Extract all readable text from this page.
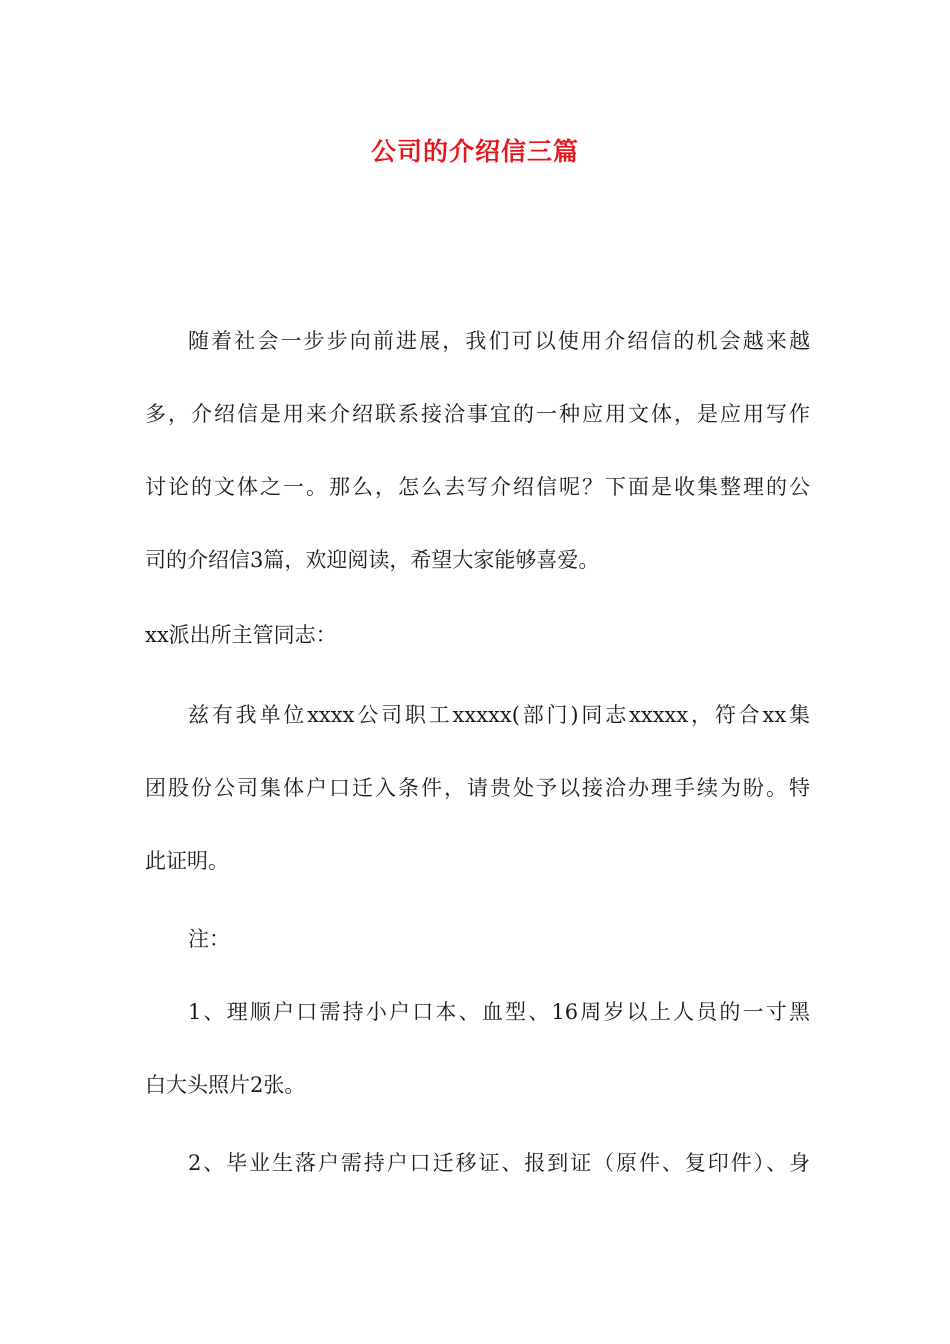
公司的介绍信三篇
随着社会一步步向前进展，我们可以使用介绍信的机会越来越
多，介绍信是用来介绍联系接洽事宜的一种应用文体，是应用写作
讨论的文体之一。那么，怎么去写介绍信呢？下面是收集整理的公
司的介绍信3篇，欢迎阅读，希望大家能够喜爱。
xx派出所主管同志：
兹有我单位xxxx公司职工xxxxx(部门)同志xxxxx，符合xx集
团股份公司集体户口迁入条件，请贵处予以接洽办理手续为盼。特
此证明。
注：
1、理顺户口需持小户口本、血型、16周岁以上人员的一寸黑
白大头照片2张。
2、毕业生落户需持户口迁移证、报到证（原件、复印件）、身
